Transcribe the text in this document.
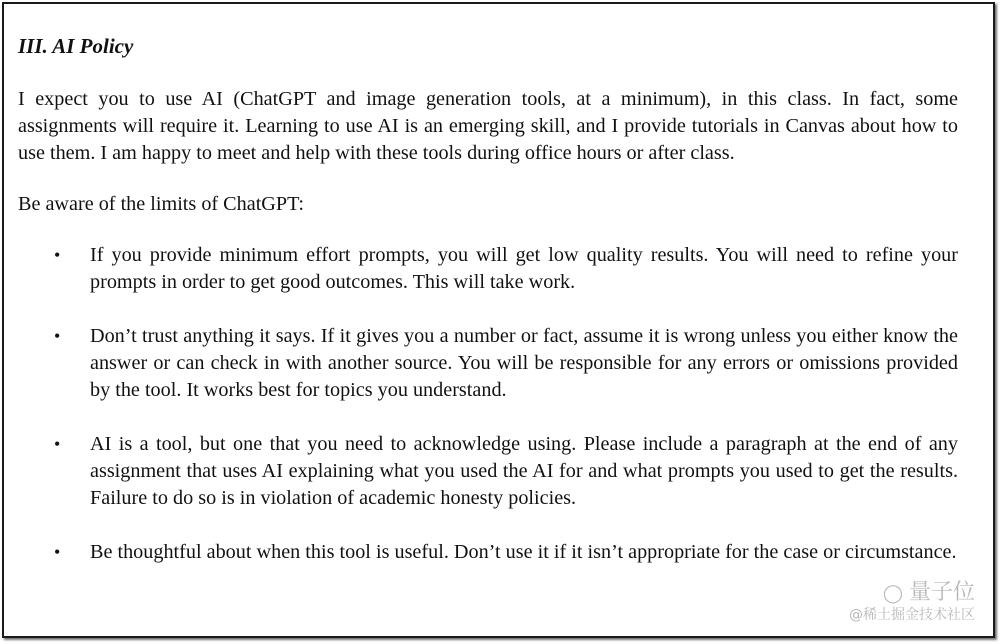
III. AI Policy

I expect you to use AI (ChatGPT and image generation tools, at a minimum), in this class. In fact, some assignments will require it. Learning to use AI is an emerging skill, and I provide tutorials in Canvas about how to use them. I am happy to meet and help with these tools during office hours or after class.

Be aware of the limits of ChatGPT:

• If you provide minimum effort prompts, you will get low quality results. You will need to refine your prompts in order to get good outcomes. This will take work.
• Don’t trust anything it says. If it gives you a number or fact, assume it is wrong unless you either know the answer or can check in with another source. You will be responsible for any errors or omissions provided by the tool. It works best for topics you understand.
• AI is a tool, but one that you need to acknowledge using. Please include a paragraph at the end of any assignment that uses AI explaining what you used the AI for and what prompts you used to get the results. Failure to do so is in violation of academic honesty policies.
• Be thoughtful about when this tool is useful. Don’t use it if it isn’t appropriate for the case or circumstance.
◯ 量子位
@稀土掘金技术社区
